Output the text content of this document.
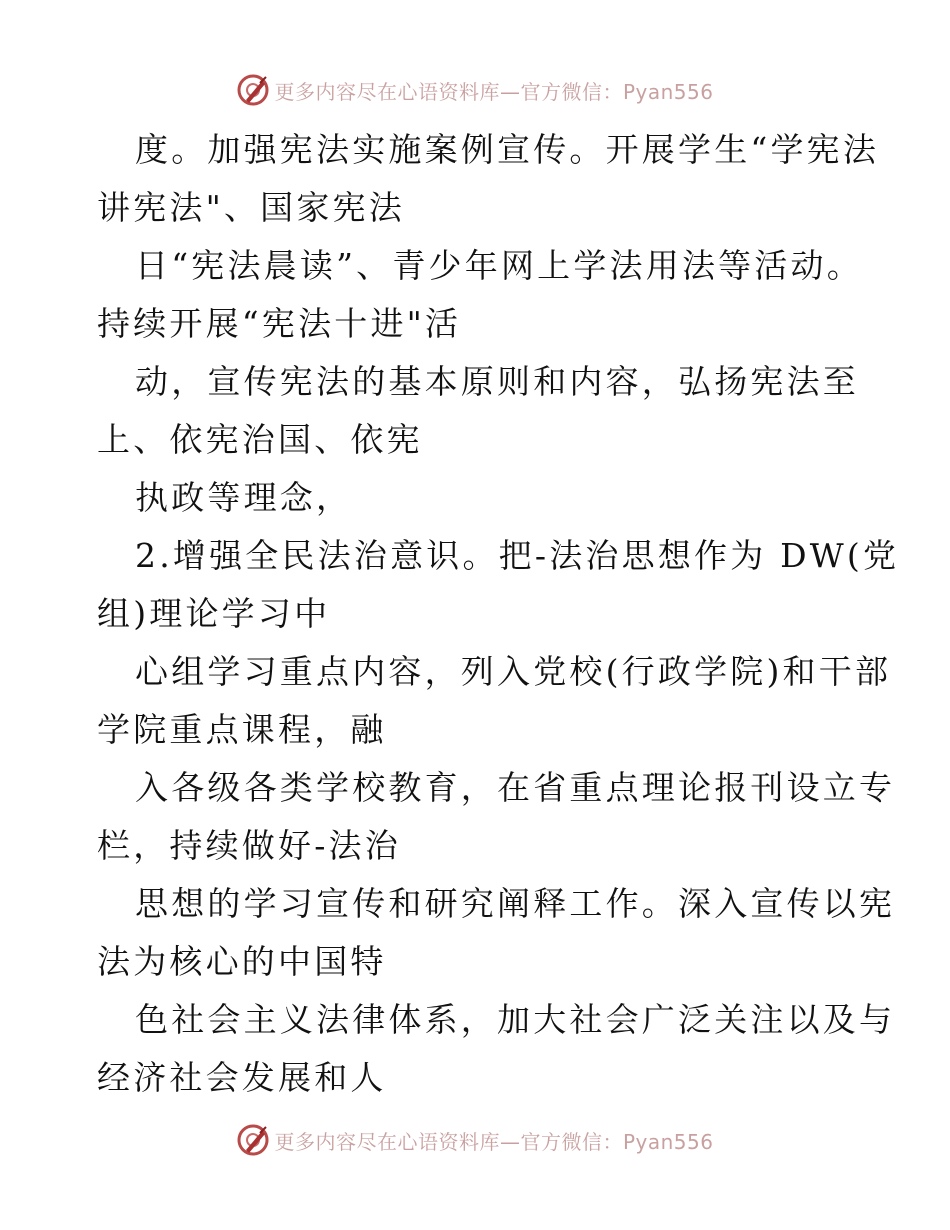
更多内容尽在心语资料库—官方微信：Pyan556
度。加强宪法实施案例宣传。开展学生“学宪法
讲宪法"、国家宪法
日“宪法晨读”、青少年网上学法用法等活动。
持续开展“宪法十进"活
动，宣传宪法的基本原则和内容，弘扬宪法至
上、依宪治国、依宪
执政等理念，
2.增强全民法治意识。把-法治思想作为 DW(党
组)理论学习中
心组学习重点内容，列入党校(行政学院)和干部
学院重点课程，融
入各级各类学校教育，在省重点理论报刊设立专
栏，持续做好-法治
思想的学习宣传和研究阐释工作。深入宣传以宪
法为核心的中国特
色社会主义法律体系，加大社会广泛关注以及与
经济社会发展和人
更多内容尽在心语资料库—官方微信：Pyan556
